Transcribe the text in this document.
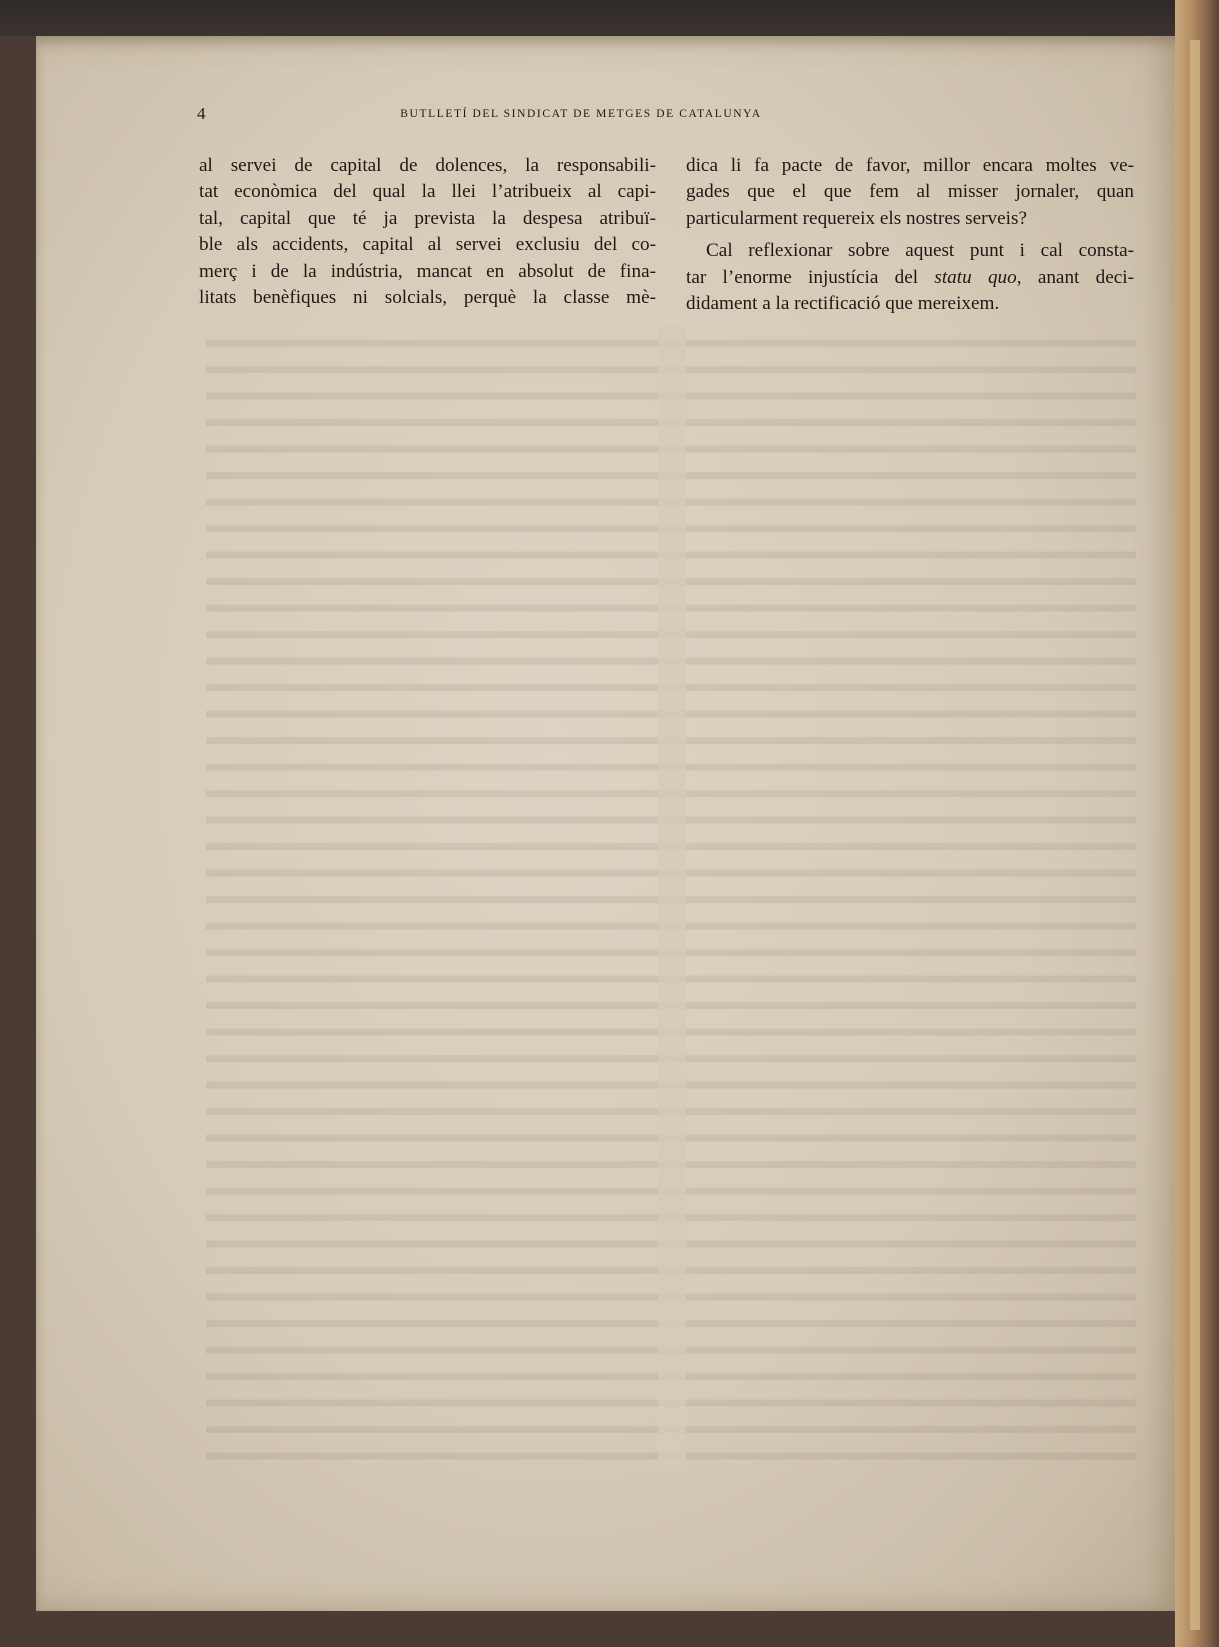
4	BUTLLETÍ DEL SINDICAT DE METGES DE CATALUNYA

al servei de capital de dolences, la responsabili-
tat econòmica del qual la llei l’atribueix al capi-
tal, capital que té ja prevista la despesa atribuï-
ble als accidents, capital al servei exclusiu del co-
merç i de la indústria, mancat en absolut de fina-
litats benèfiques ni solcials, perquè la classe mè-

dica li fa pacte de favor, millor encara moltes ve-
gades que el que fem al misser jornaler, quan
particularment requereix els nostres serveis?

Cal reflexionar sobre aquest punt i cal consta-
tar l’enorme injustícia del statu quo, anant deci-
didament a la rectificació que mereixem.
